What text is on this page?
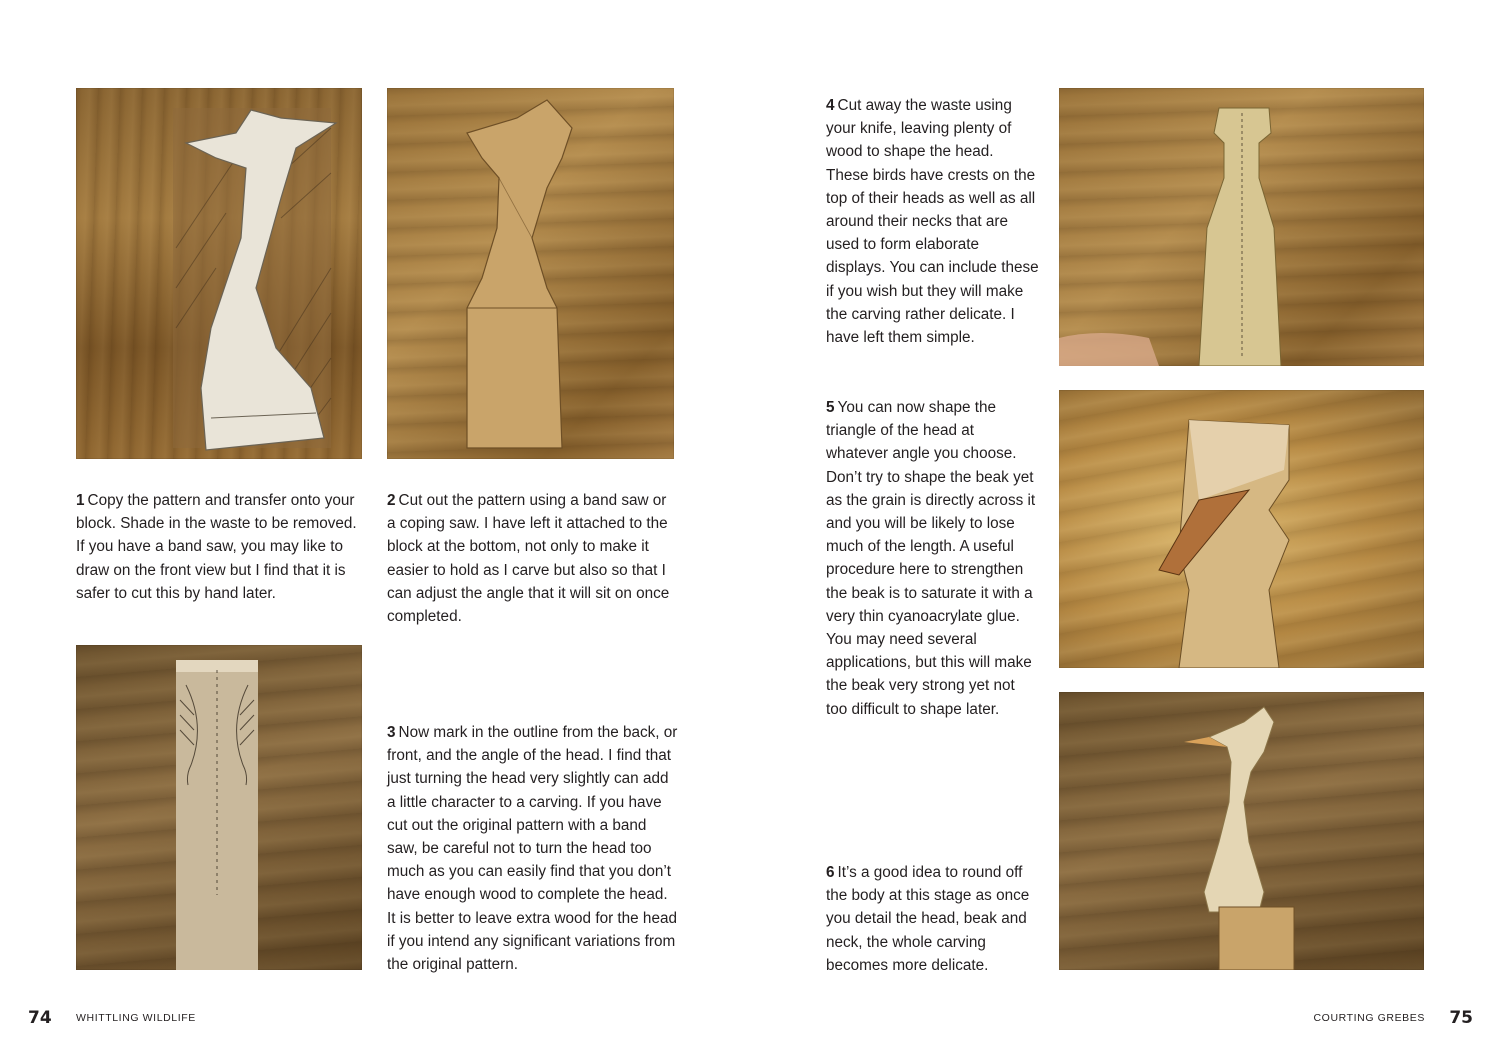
1 Copy the pattern and transfer onto your block. Shade in the waste to be removed. If you have a band saw, you may like to draw on the front view but I find that it is safer to cut this by hand later.

2 Cut out the pattern using a band saw or a coping saw. I have left it attached to the block at the bottom, not only to make it easier to hold as I carve but also so that I can adjust the angle that it will sit on once completed.

3 Now mark in the outline from the back, or front, and the angle of the head. I find that just turning the head very slightly can add a little character to a carving. If you have cut out the original pattern with a band saw, be careful not to turn the head too much as you can easily find that you don’t have enough wood to complete the head. It is better to leave extra wood for the head if you intend any significant variations from the original pattern.

4 Cut away the waste using your knife, leaving plenty of wood to shape the head. These birds have crests on the top of their heads as well as all around their necks that are used to form elaborate displays. You can include these if you wish but they will make the carving rather delicate. I have left them simple.

5 You can now shape the triangle of the head at whatever angle you choose. Don’t try to shape the beak yet as the grain is directly across it and you will be likely to lose much of the length. A useful procedure here to strengthen the beak is to saturate it with a very thin cyanoacrylate glue. You may need several applications, but this will make the beak very strong yet not too difficult to shape later.

6 It’s a good idea to round off the body at this stage as once you detail the head, beak and neck, the whole carving becomes more delicate.

74 WHITTLING WILDLIFE	COURTING GREBES 75
